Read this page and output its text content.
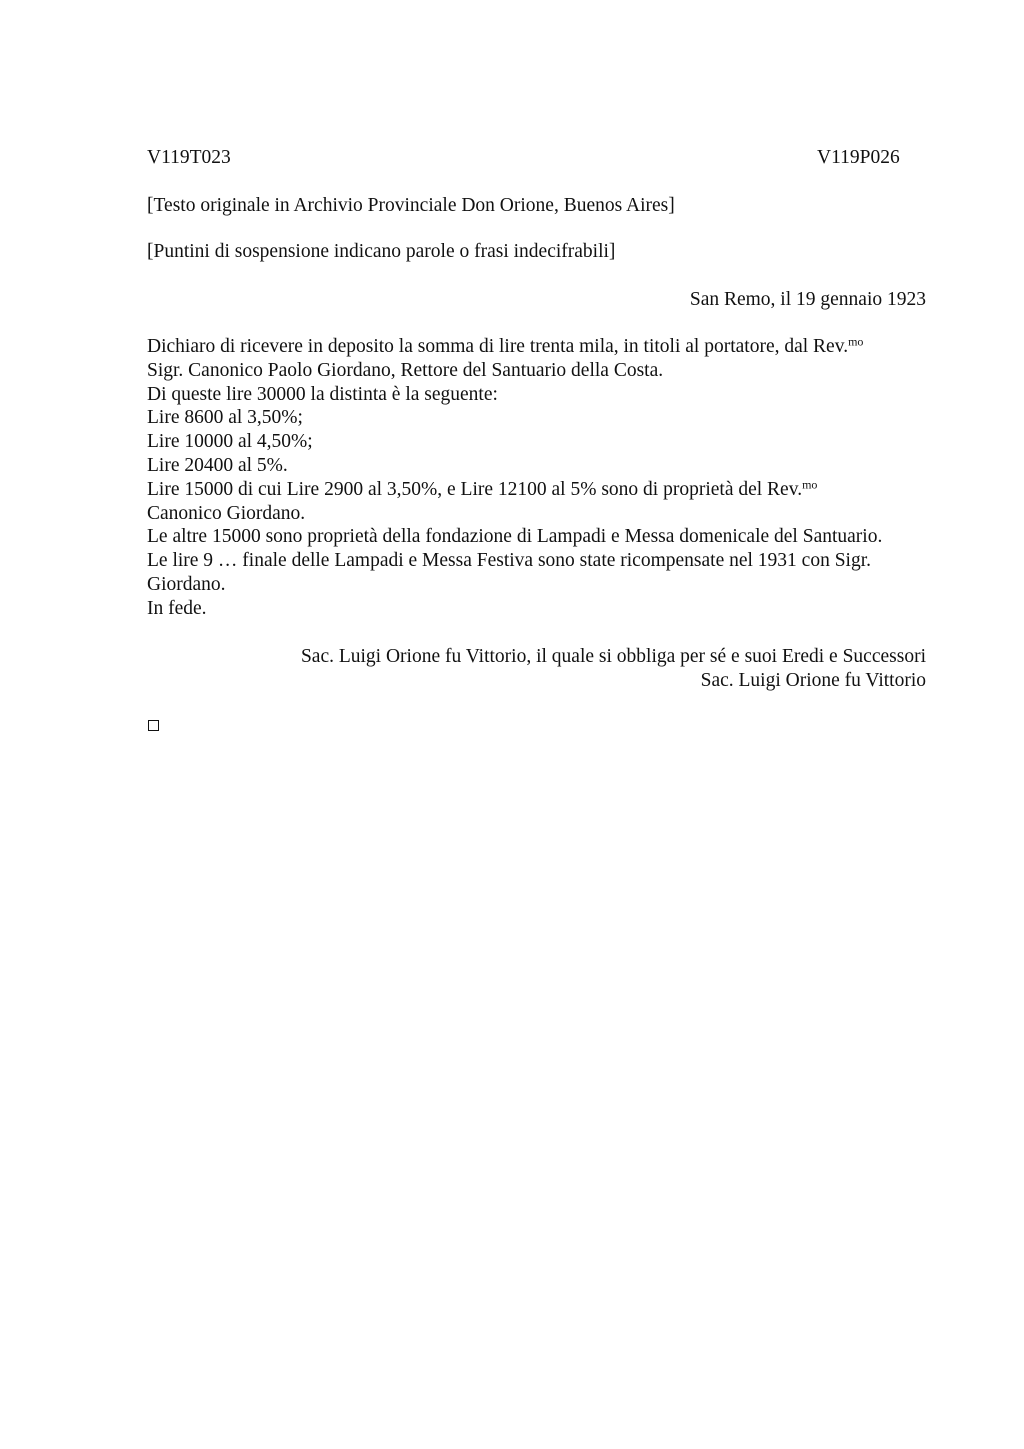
V119T023	V119P026
[Testo originale in Archivio Provinciale Don Orione, Buenos Aires]
[Puntini di sospensione indicano parole o frasi indecifrabili]
San Remo, il 19 gennaio 1923
Dichiaro di ricevere in deposito la somma di lire trenta mila, in titoli al portatore, dal Rev.$^{mo}$
Sigr. Canonico Paolo Giordano, Rettore del Santuario della Costa.
Di queste lire 30000 la distinta è la seguente:
Lire 8600 al 3,50%;
Lire 10000 al 4,50%;
Lire 20400 al 5%.
Lire 15000 di cui Lire 2900 al 3,50%, e Lire 12100 al 5% sono di proprietà del Rev.$^{mo}$
Canonico Giordano.
Le altre 15000 sono proprietà della fondazione di Lampadi e Messa domenicale del Santuario.
Le lire 9 … finale delle Lampadi e Messa Festiva sono state ricompensate nel 1931 con Sigr.
Giordano.
In fede.
Sac. Luigi Orione fu Vittorio, il quale si obbliga per sé e suoi Eredi e Successori
Sac. Luigi Orione fu Vittorio
